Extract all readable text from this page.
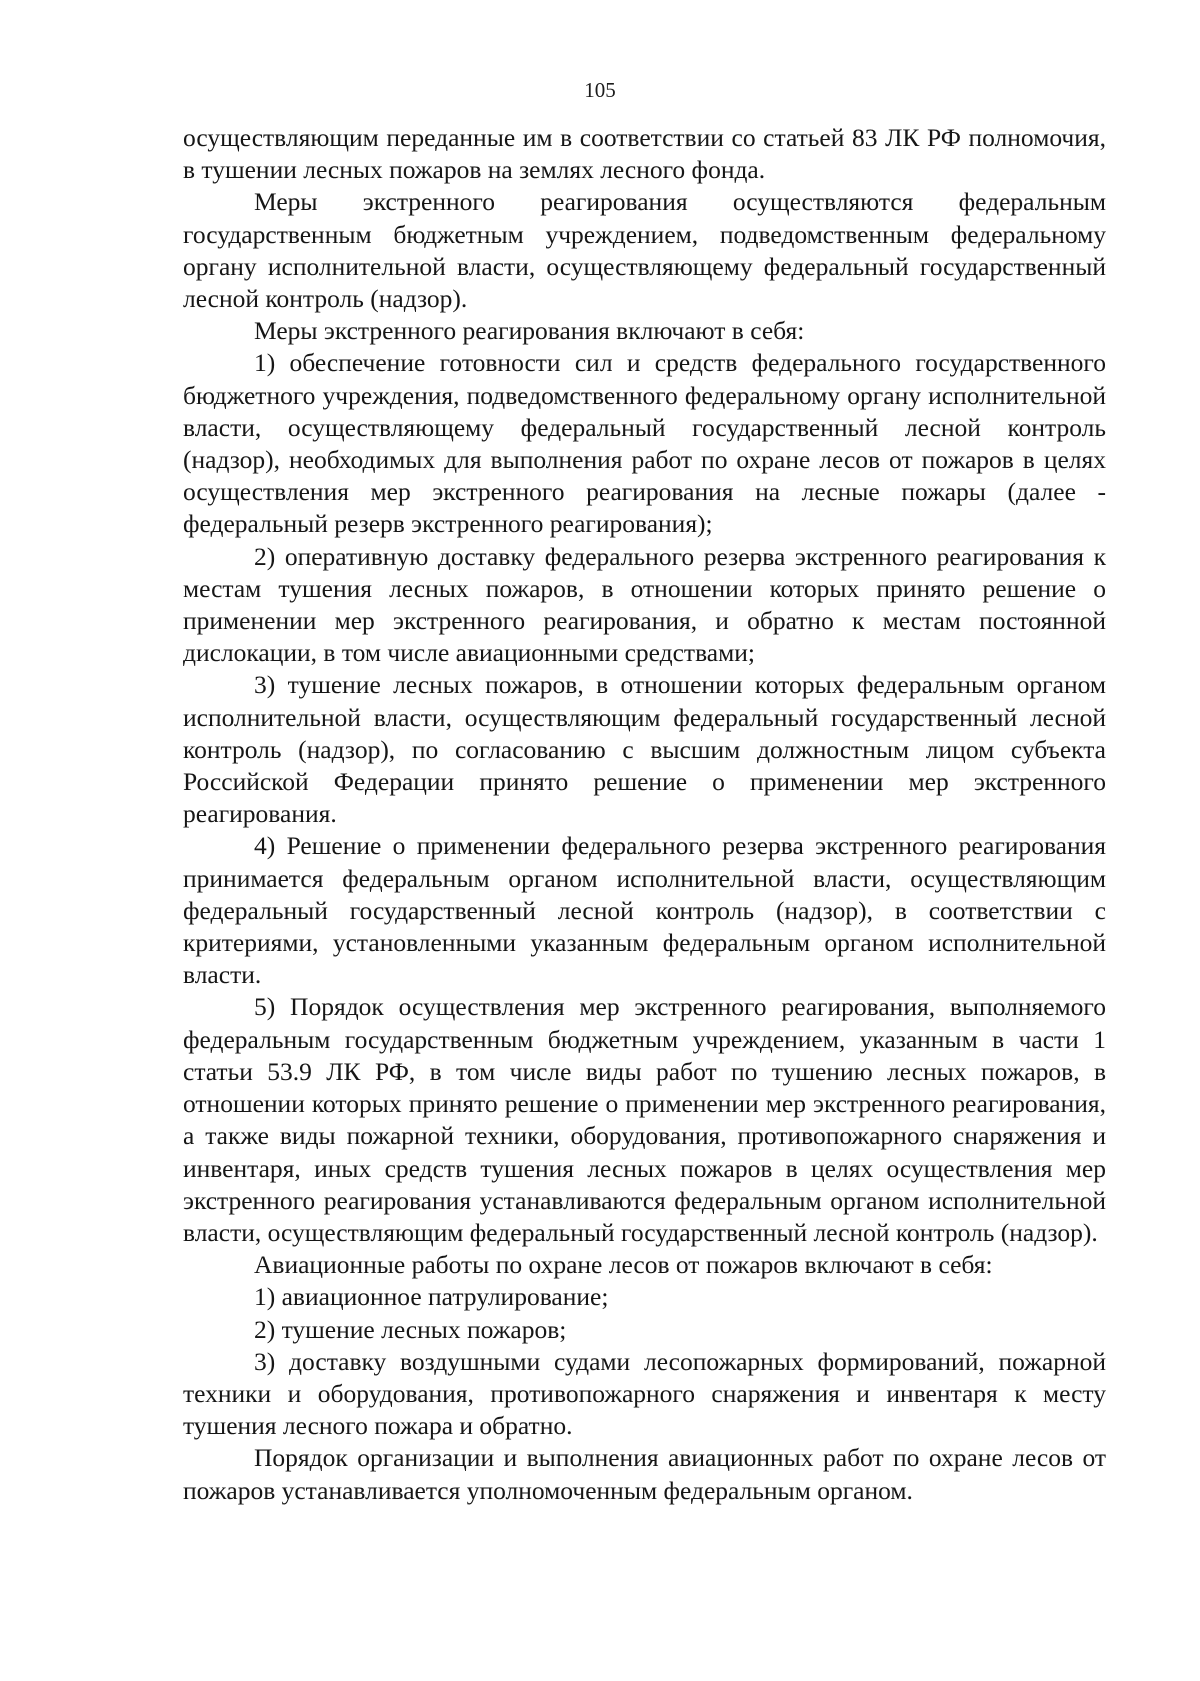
105

осуществляющим переданные им в соответствии со статьей 83 ЛК РФ полномочия, в тушении лесных пожаров на землях лесного фонда.

Меры экстренного реагирования осуществляются федеральным государственным бюджетным учреждением, подведомственным федеральному органу исполнительной власти, осуществляющему федеральный государственный лесной контроль (надзор).

Меры экстренного реагирования включают в себя:

1) обеспечение готовности сил и средств федерального государственного бюджетного учреждения, подведомственного федеральному органу исполнительной власти, осуществляющему федеральный государственный лесной контроль (надзор), необходимых для выполнения работ по охране лесов от пожаров в целях осуществления мер экстренного реагирования на лесные пожары (далее - федеральный резерв экстренного реагирования);

2) оперативную доставку федерального резерва экстренного реагирования к местам тушения лесных пожаров, в отношении которых принято решение о применении мер экстренного реагирования, и обратно к местам постоянной дислокации, в том числе авиационными средствами;

3) тушение лесных пожаров, в отношении которых федеральным органом исполнительной власти, осуществляющим федеральный государственный лесной контроль (надзор), по согласованию с высшим должностным лицом субъекта Российской Федерации принято решение о применении мер экстренного реагирования.

4) Решение о применении федерального резерва экстренного реагирования принимается федеральным органом исполнительной власти, осуществляющим федеральный государственный лесной контроль (надзор), в соответствии с критериями, установленными указанным федеральным органом исполнительной власти.

5) Порядок осуществления мер экстренного реагирования, выполняемого федеральным государственным бюджетным учреждением, указанным в части 1 статьи 53.9 ЛК РФ, в том числе виды работ по тушению лесных пожаров, в отношении которых принято решение о применении мер экстренного реагирования, а также виды пожарной техники, оборудования, противопожарного снаряжения и инвентаря, иных средств тушения лесных пожаров в целях осуществления мер экстренного реагирования устанавливаются федеральным органом исполнительной власти, осуществляющим федеральный государственный лесной контроль (надзор).

Авиационные работы по охране лесов от пожаров включают в себя:

1) авиационное патрулирование;

2) тушение лесных пожаров;

3) доставку воздушными судами лесопожарных формирований, пожарной техники и оборудования, противопожарного снаряжения и инвентаря к месту тушения лесного пожара и обратно.

Порядок организации и выполнения авиационных работ по охране лесов от пожаров устанавливается уполномоченным федеральным органом.
